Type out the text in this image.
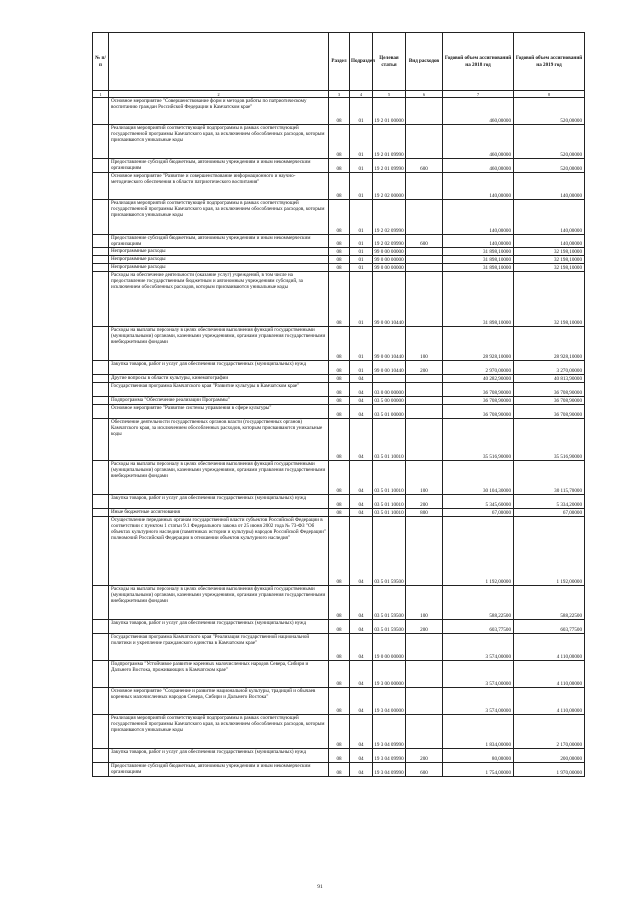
№ п/п		Раздел	Подраздел	Целевая статья	Вид расходов	Годовой объем ассигнований на 2018 год	Годовой объем ассигнований на 2019 год
1	2	3	4	5	6	7	8
	Основное мероприятие "Совершенствование форм и методов работы по патриотическому воспитанию граждан Российской Федерации в Камчатском крае"	08	01	19 2 01 00000		460,00000	520,00000
	Реализация мероприятий соответствующей подпрограммы в рамках соответствующей государственной программы Камчатского края, за исключением обособленных расходов, которым присваиваются уникальные коды	08	01	19 2 01 09990		460,00000	520,00000
	Предоставление субсидий бюджетным, автономным учреждениям и иным некоммерческим организациям	08	01	19 2 01 09990	600	460,00000	520,00000
	Основное мероприятие "Развитие и совершенствование информационного и научно-методического обеспечения в области патриотического воспитания"	08	01	19 2 02 00000		140,00000	140,00000
	Реализация мероприятий соответствующей подпрограммы в рамках соответствующей государственной программы Камчатского края, за исключением обособленных расходов, которым присваиваются уникальные коды	08	01	19 2 02 09990		140,00000	140,00000
	Предоставление субсидий бюджетным, автономным учреждениям и иным некоммерческим организациям	08	01	19 2 02 09990	600	140,00000	140,00000
	Непрограммные расходы	08	01	99 0 00 00000		31 898,10000	32 198,10000
	Непрограммные расходы	08	01	99 0 00 00000		31 898,10000	32 198,10000
	Непрограммные расходы	08	01	99 0 00 00000		31 898,10000	32 198,10000
	Расходы на обеспечение деятельности (оказание услуг) учреждений, в том числе на предоставление государственным бюджетным и автономным учреждениям субсидий, за исключением обособленных расходов, которым присваиваются уникальные коды	08	01	99 0 00 10440		31 898,10000	32 198,10000
	Расходы на выплаты персоналу в целях обеспечения выполнения функций государственными (муниципальными) органами, казенными учреждениями, органами управления государственными внебюджетными фондами	08	01	99 0 00 10440	100	28 928,10000	28 928,10000
	Закупка товаров, работ и услуг для обеспечения государственных (муниципальных) нужд	08	01	99 0 00 10440	200	2 970,00000	3 270,00000
	Другие вопросы в области культуры, кинематографии	08	04			40 282,90000	40 813,90000
	Государственная программа Камчатского края "Развитие культуры в Камчатском крае"	08	04	03 0 00 00000		36 708,90000	36 708,90000
	Подпрограмма "Обеспечение реализации Программы"	08	04	03 5 00 00000		36 708,90000	36 708,90000
	Основное мероприятие "Развитие системы управления в сфере культуры"	08	04	03 5 01 00000		36 708,90000	36 708,90000
	Обеспечение деятельности государственных органов власти (государственных органов) Камчатского края, за исключением обособленных расходов, которым присваиваются уникальные коды	08	04	03 5 01 10010		35 516,90000	35 516,90000
	Расходы на выплаты персоналу в целях обеспечения выполнения функций государственными (муниципальными) органами, казенными учреждениями, органами управления государственными внебюджетными фондами	08	04	03 5 01 10010	100	30 104,30000	30 115,70000
	Закупка товаров, работ и услуг для обеспечения государственных (муниципальных) нужд	08	04	03 5 01 10010	200	5 345,60000	5 334,20000
	Иные бюджетные ассигнования	08	04	03 5 01 10010	800	67,00000	67,00000
	Осуществление переданных органам государственной власти субъектов Российской Федерации в соответствии с пунктом 1 статьи 9.1 Федерального закона от 25 июня 2002 года № 73-ФЗ "Об объектах культурного наследия (памятниках истории и культуры) народов Российской Федерации" полномочий Российской Федерации в отношении объектов культурного наследия"	08	04	03 5 01 59500		1 192,00000	1 192,00000
	Расходы на выплаты персоналу в целях обеспечения выполнения функций государственными (муниципальными) органами, казенными учреждениями, органами управления государственными внебюджетными фондами	08	04	03 5 01 59500	100	588,22500	588,22500
	Закупка товаров, работ и услуг для обеспечения государственных (муниципальных) нужд	08	04	03 5 01 59500	200	603,77500	603,77500
	Государственная программа Камчатского края "Реализация государственной национальной политики и укрепление гражданского единства в Камчатском крае"	08	04	19 0 00 00000		3 574,00000	4 110,00000
	Подпрограмма "Устойчивое развитие коренных малочисленных народов Севера, Сибири и Дальнего Востока, проживающих в Камчатском крае"	08	04	19 3 00 00000		3 574,00000	4 110,00000
	Основное мероприятие "Сохранение и развитие национальной культуры, традиций и обычаев коренных малочисленных народов Севера, Сибири и Дальнего Востока"	08	04	19 3 04 00000		3 574,00000	4 110,00000
	Реализация мероприятий соответствующей подпрограммы в рамках соответствующей государственной программы Камчатского края, за исключением обособленных расходов, которым присваиваются уникальные коды	08	04	19 3 04 09990		1 834,00000	2 170,00000
	Закупка товаров, работ и услуг для обеспечения государственных (муниципальных) нужд	08	04	19 3 04 09990	200	80,00000	200,00000
	Предоставление субсидий бюджетным, автономным учреждениям и иным некоммерческим организациям	08	04	19 3 04 09990	600	1 754,00000	1 970,00000
91
